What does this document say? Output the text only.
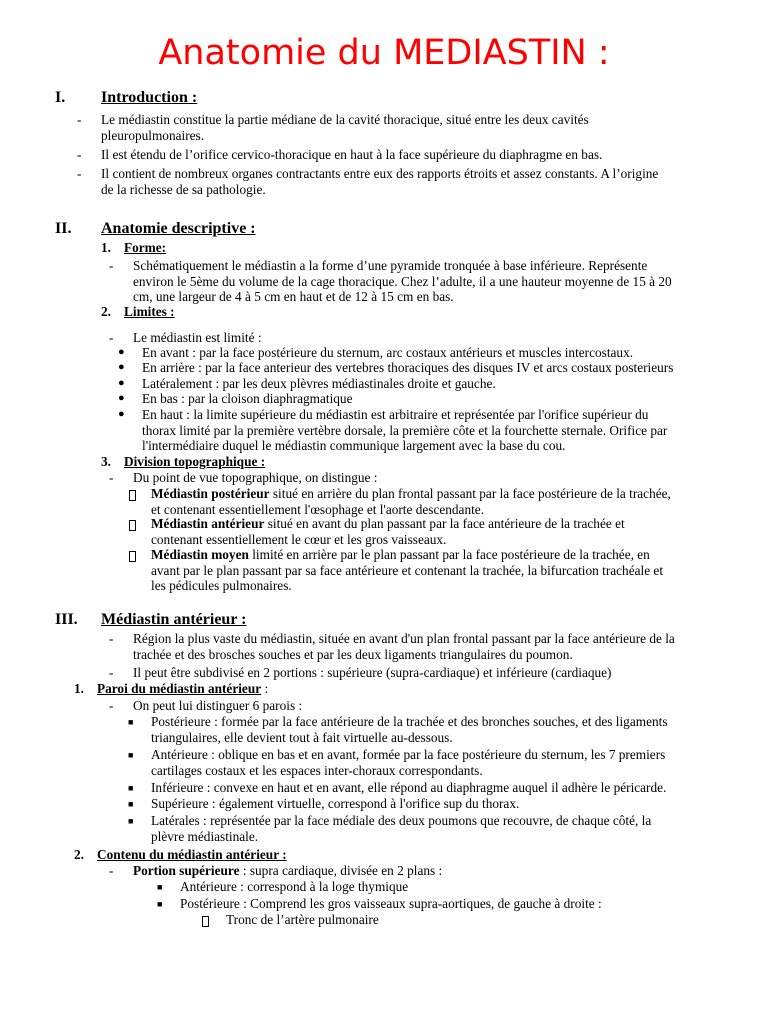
Anatomie du MEDIASTIN :
I. Introduction :
- Le médiastin constitue la partie médiane de la cavité thoracique, situé entre les deux cavités
pleuropulmonaires.
- Il est étendu de l’orifice cervico-thoracique en haut à la face supérieure du diaphragme en bas.
- Il contient de nombreux organes contractants entre eux des rapports étroits et assez constants. A l’origine
de la richesse de sa pathologie.
II. Anatomie descriptive :
1. Forme:
- Schématiquement le médiastin a la forme d’une pyramide tronquée à base inférieure. Représente
environ le 5ème du volume de la cage thoracique. Chez l’adulte, il a une hauteur moyenne de 15 à 20
cm, une largeur de 4 à 5 cm en haut et de 12 à 15 cm en bas.
2. Limites :
- Le médiastin est limité :
● En avant : par la face postérieure du sternum, arc costaux antérieurs et muscles intercostaux.
● En arrière : par la face anterieur des vertebres thoraciques des disques IV et arcs costaux posterieurs
● Latéralement : par les deux plèvres médiastinales droite et gauche.
● En bas : par la cloison diaphragmatique
● En haut : la limite supérieure du médiastin est arbitraire et représentée par l'orifice supérieur du
thorax limité par la première vertèbre dorsale, la première côte et la fourchette sternale. Orifice par
l'intermédiaire duquel le médiastin communique largement avec la base du cou.
3. Division topographique :
- Du point de vue topographique, on distingue :
Médiastin postérieur situé en arrière du plan frontal passant par la face postérieure de la trachée,
et contenant essentiellement l'œsophage et l'aorte descendante.
Médiastin antérieur situé en avant du plan passant par la face antérieure de la trachée et
contenant essentiellement le cœur et les gros vaisseaux.
Médiastin moyen limité en arrière par le plan passant par la face postérieure de la trachée, en
avant par le plan passant par sa face antérieure et contenant la trachée, la bifurcation trachéale et
les pédicules pulmonaires.
III. Médiastin antérieur :
- Région la plus vaste du médiastin, située en avant d'un plan frontal passant par la face antérieure de la
trachée et des brosches souches et par les deux ligaments triangulaires du poumon.
- Il peut être subdivisé en 2 portions : supérieure (supra-cardiaque) et inférieure (cardiaque)
1. Paroi du médiastin antérieur :
- On peut lui distinguer 6 parois :
■ Postérieure : formée par la face antérieure de la trachée et des bronches souches, et des ligaments
triangulaires, elle devient tout à fait virtuelle au-dessous.
■ Antérieure : oblique en bas et en avant, formée par la face postérieure du sternum, les 7 premiers
cartilages costaux et les espaces inter-choraux correspondants.
■ Inférieure : convexe en haut et en avant, elle répond au diaphragme auquel il adhère le péricarde.
■ Supérieure : également virtuelle, correspond à l'orifice sup du thorax.
■ Latérales : représentée par la face médiale des deux poumons que recouvre, de chaque côté, la
plèvre médiastinale.
2. Contenu du médiastin antérieur :
- Portion supérieure : supra cardiaque, divisée en 2 plans :
■ Antérieure : correspond à la loge thymique
■ Postérieure : Comprend les gros vaisseaux supra-aortiques, de gauche à droite :
Tronc de l’artère pulmonaire
